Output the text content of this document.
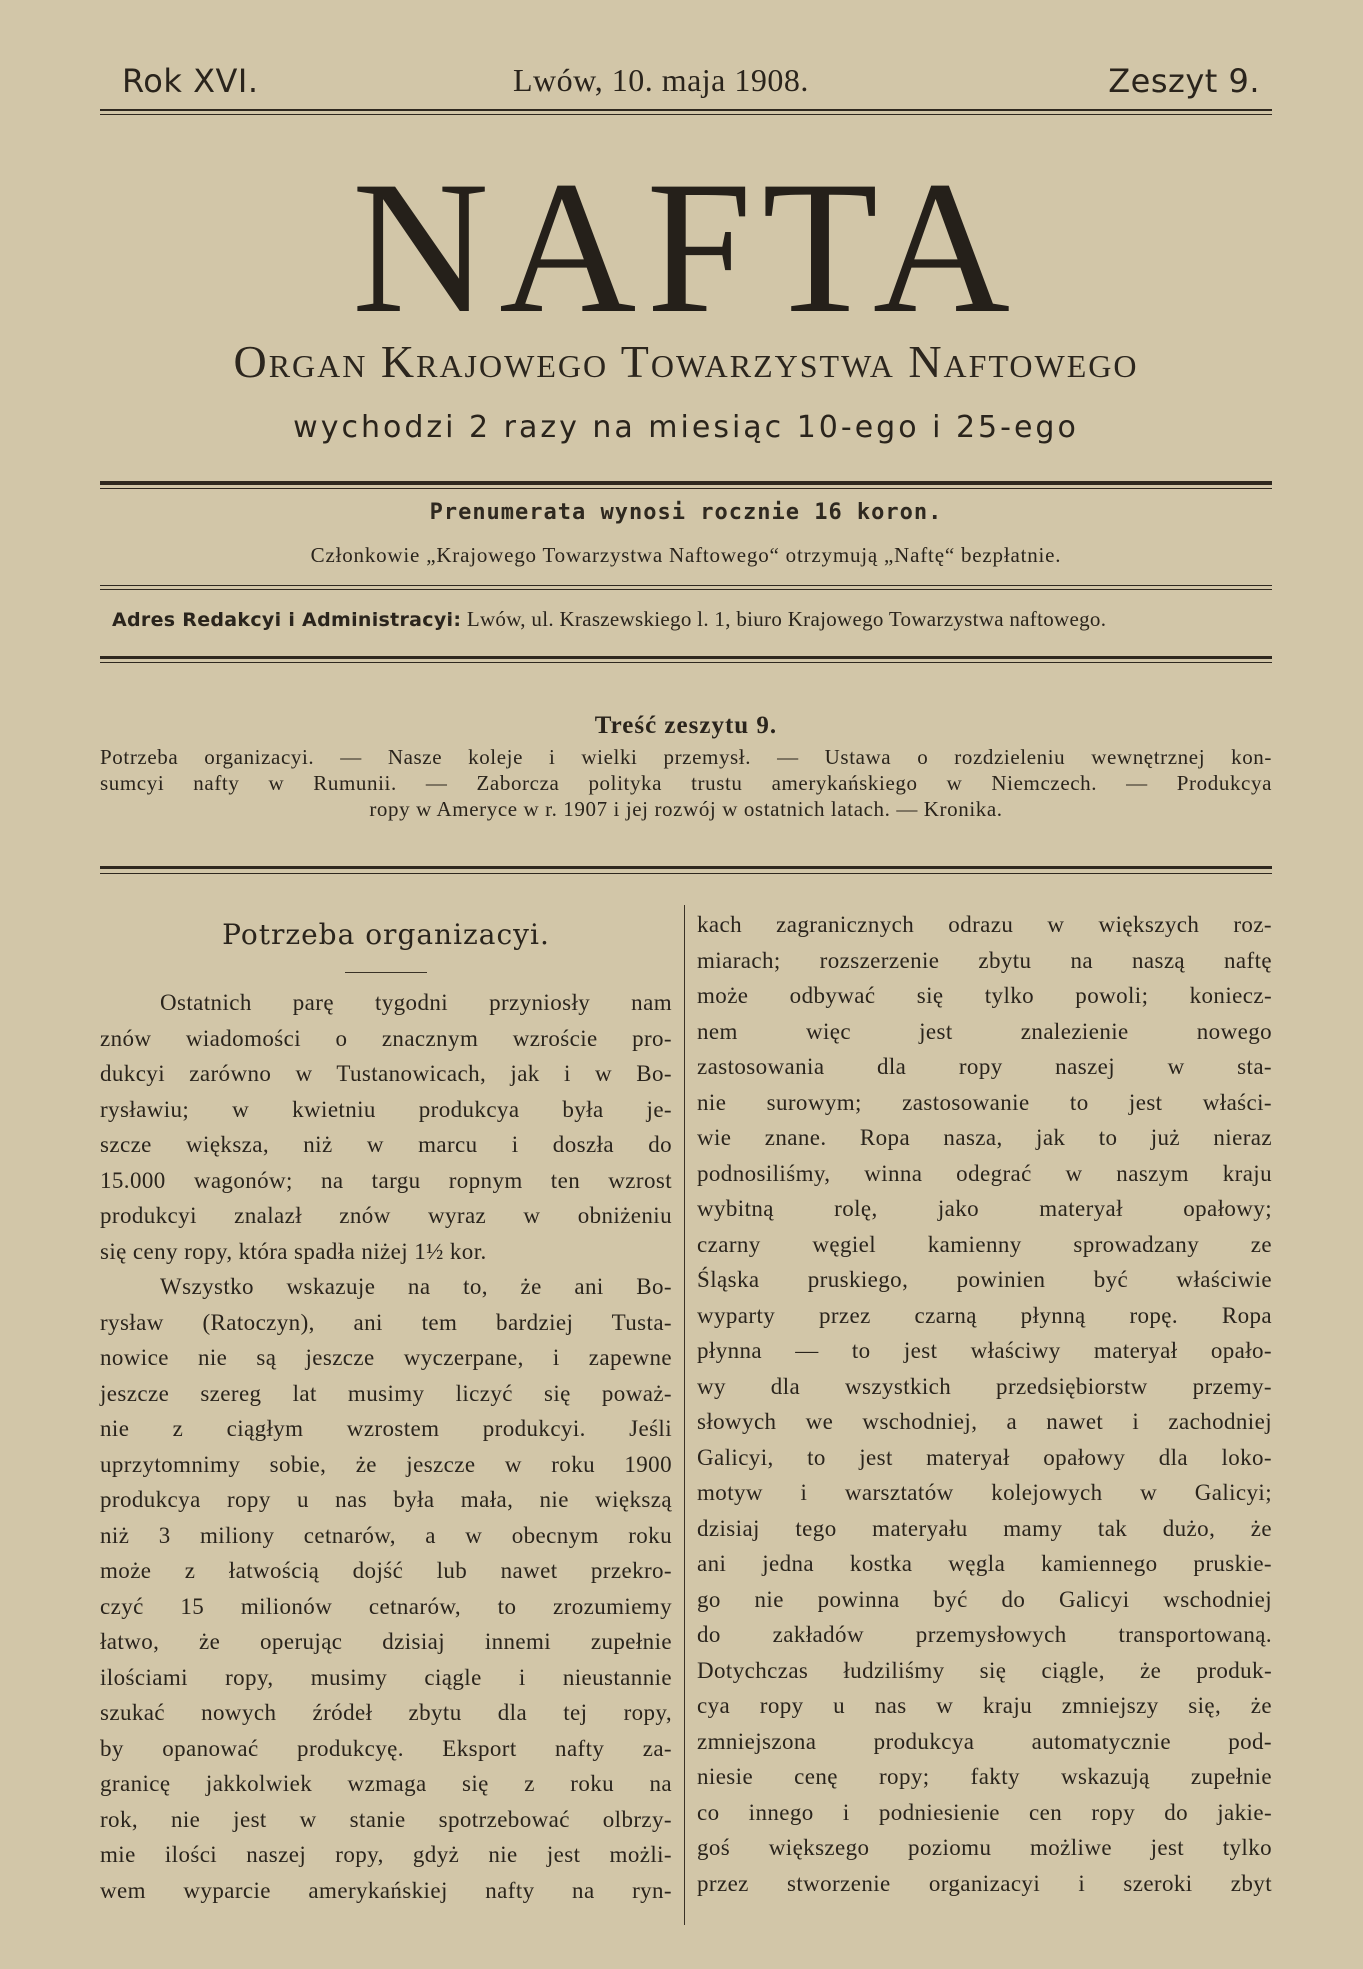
Rok XVI.	Lwów, 10. maja 1908.	Zeszyt 9.
NAFTA
Organ Krajowego Towarzystwa Naftowego
wychodzi 2 razy na miesiąc 10-ego i 25-ego
Prenumerata wynosi rocznie 16 koron.
Członkowie „Krajowego Towarzystwa Naftowego“ otrzymują „Naftę“ bezpłatnie.
Adres Redakcyi i Administracyi: Lwów, ul. Kraszewskiego l. 1, biuro Krajowego Towarzystwa naftowego.
Treść zeszytu 9.
Potrzeba organizacyi. — Nasze koleje i wielki przemysł. — Ustawa o rozdzieleniu wewnętrznej kon-
sumcyi nafty w Rumunii. — Zaborcza polityka trustu amerykańskiego w Niemczech. — Produkcya
ropy w Ameryce w r. 1907 i jej rozwój w ostatnich latach. — Kronika.
Potrzeba organizacyi.
Ostatnich parę tygodni przyniosły nam
znów wiadomości o znacznym wzroście pro-
dukcyi zarówno w Tustanowicach, jak i w Bo-
rysławiu; w kwietniu produkcya była je-
szcze większa, niż w marcu i doszła do
15.000 wagonów; na targu ropnym ten wzrost
produkcyi znalazł znów wyraz w obniżeniu
się ceny ropy, która spadła niżej 1½ kor.
Wszystko wskazuje na to, że ani Bo-
rysław (Ratoczyn), ani tem bardziej Tusta-
nowice nie są jeszcze wyczerpane, i zapewne
jeszcze szereg lat musimy liczyć się poważ-
nie z ciągłym wzrostem produkcyi. Jeśli
uprzytomnimy sobie, że jeszcze w roku 1900
produkcya ropy u nas była mała, nie większą
niż 3 miliony cetnarów, a w obecnym roku
może z łatwością dojść lub nawet przekro-
czyć 15 milionów cetnarów, to zrozumiemy
łatwo, że operując dzisiaj innemi zupełnie
ilościami ropy, musimy ciągle i nieustannie
szukać nowych źródeł zbytu dla tej ropy,
by opanować produkcyę. Eksport nafty za-
granicę jakkolwiek wzmaga się z roku na
rok, nie jest w stanie spotrzebować olbrzy-
mie ilości naszej ropy, gdyż nie jest możli-
wem wyparcie amerykańskiej nafty na ryn-
kach zagranicznych odrazu w większych roz-
miarach; rozszerzenie zbytu na naszą naftę
może odbywać się tylko powoli; koniecz-
nem więc jest znalezienie nowego
zastosowania dla ropy naszej w sta-
nie surowym; zastosowanie to jest właści-
wie znane. Ropa nasza, jak to już nieraz
podnosiliśmy, winna odegrać w naszym kraju
wybitną rolę, jako materyał opałowy;
czarny węgiel kamienny sprowadzany ze
Śląska pruskiego, powinien być właściwie
wyparty przez czarną płynną ropę. Ropa
płynna — to jest właściwy materyał opało-
wy dla wszystkich przedsiębiorstw przemy-
słowych we wschodniej, a nawet i zachodniej
Galicyi, to jest materyał opałowy dla loko-
motyw i warsztatów kolejowych w Galicyi;
dzisiaj tego materyału mamy tak dużo, że
ani jedna kostka węgla kamiennego pruskie-
go nie powinna być do Galicyi wschodniej
do zakładów przemysłowych transportowaną.
Dotychczas łudziliśmy się ciągle, że produk-
cya ropy u nas w kraju zmniejszy się, że
zmniejszona produkcya automatycznie pod-
niesie cenę ropy; fakty wskazują zupełnie
co innego i podniesienie cen ropy do jakie-
goś większego poziomu możliwe jest tylko
przez stworzenie organizacyi i szeroki zbyt
